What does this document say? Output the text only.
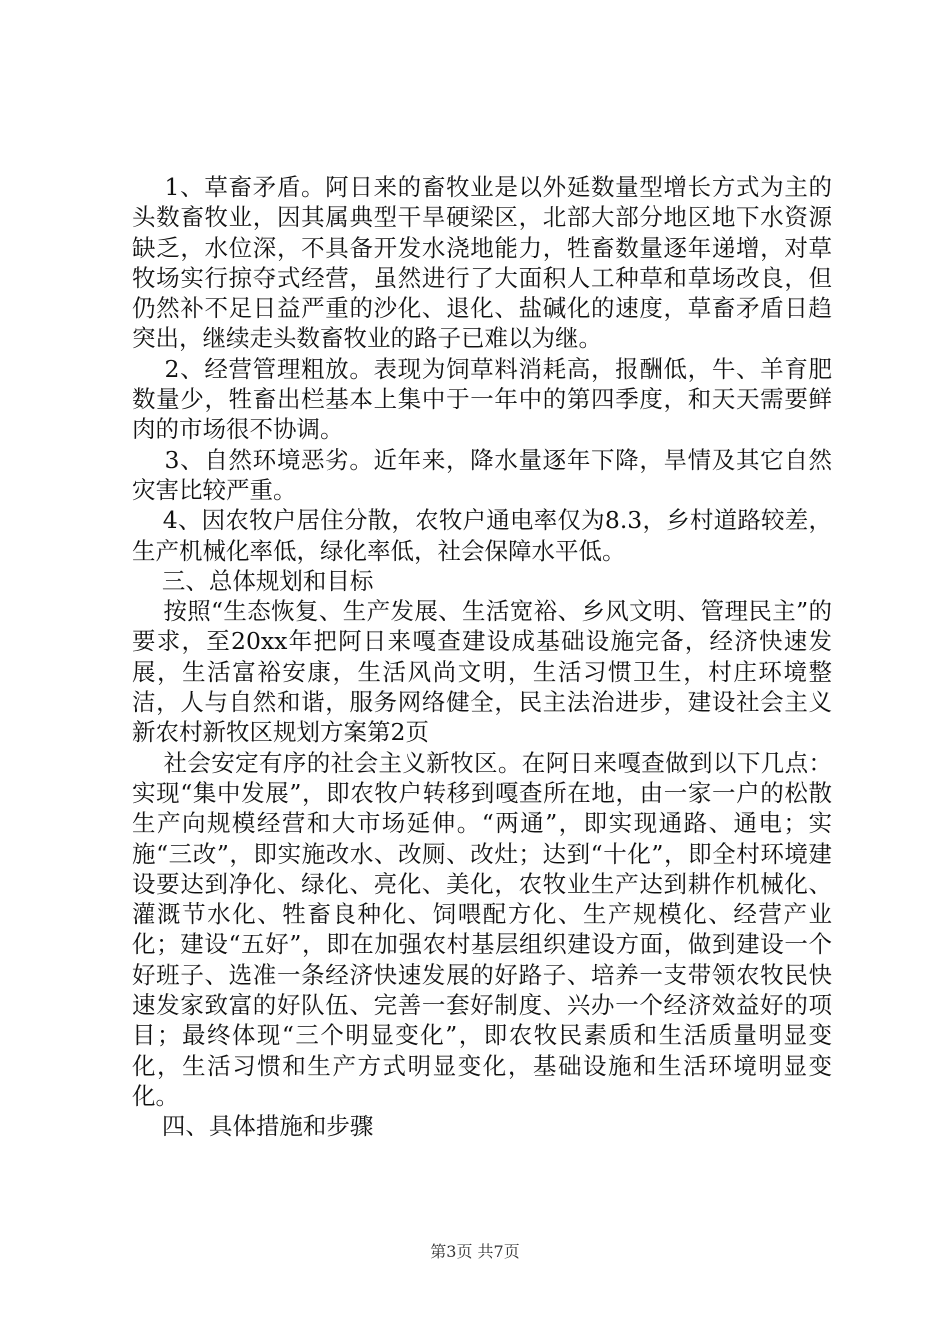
1、草畜矛盾。阿日来的畜牧业是以外延数量型增长方式为主的头数畜牧业，因其属典型干旱硬梁区，北部大部分地区地下水资源缺乏，水位深，不具备开发水浇地能力，牲畜数量逐年递增，对草牧场实行掠夺式经营，虽然进行了大面积人工种草和草场改良，但仍然补不足日益严重的沙化、退化、盐碱化的速度，草畜矛盾日趋突出，继续走头数畜牧业的路子已难以为继。

2、经营管理粗放。表现为饲草料消耗高，报酬低，牛、羊育肥数量少，牲畜出栏基本上集中于一年中的第四季度，和天天需要鲜肉的市场很不协调。

3、自然环境恶劣。近年来，降水量逐年下降，旱情及其它自然灾害比较严重。

4、因农牧户居住分散，农牧户通电率仅为8.3，乡村道路较差，生产机械化率低，绿化率低，社会保障水平低。

三、总体规划和目标

按照“生态恢复、生产发展、生活宽裕、乡风文明、管理民主”的要求，至20xx年把阿日来嘎查建设成基础设施完备，经济快速发展，生活富裕安康，生活风尚文明，生活习惯卫生，村庄环境整洁，人与自然和谐，服务网络健全，民主法治进步，建设社会主义新农村新牧区规划方案第2页

社会安定有序的社会主义新牧区。在阿日来嘎查做到以下几点：实现“集中发展”，即农牧户转移到嘎查所在地，由一家一户的松散生产向规模经营和大市场延伸。“两通”，即实现通路、通电；实施“三改”，即实施改水、改厕、改灶；达到“十化”，即全村环境建设要达到净化、绿化、亮化、美化，农牧业生产达到耕作机械化、灌溉节水化、牲畜良种化、饲喂配方化、生产规模化、经营产业化；建设“五好”，即在加强农村基层组织建设方面，做到建设一个好班子、选准一条经济快速发展的好路子、培养一支带领农牧民快速发家致富的好队伍、完善一套好制度、兴办一个经济效益好的项目；最终体现“三个明显变化”，即农牧民素质和生活质量明显变化，生活习惯和生产方式明显变化，基础设施和生活环境明显变化。

四、具体措施和步骤

第3页 共7页
